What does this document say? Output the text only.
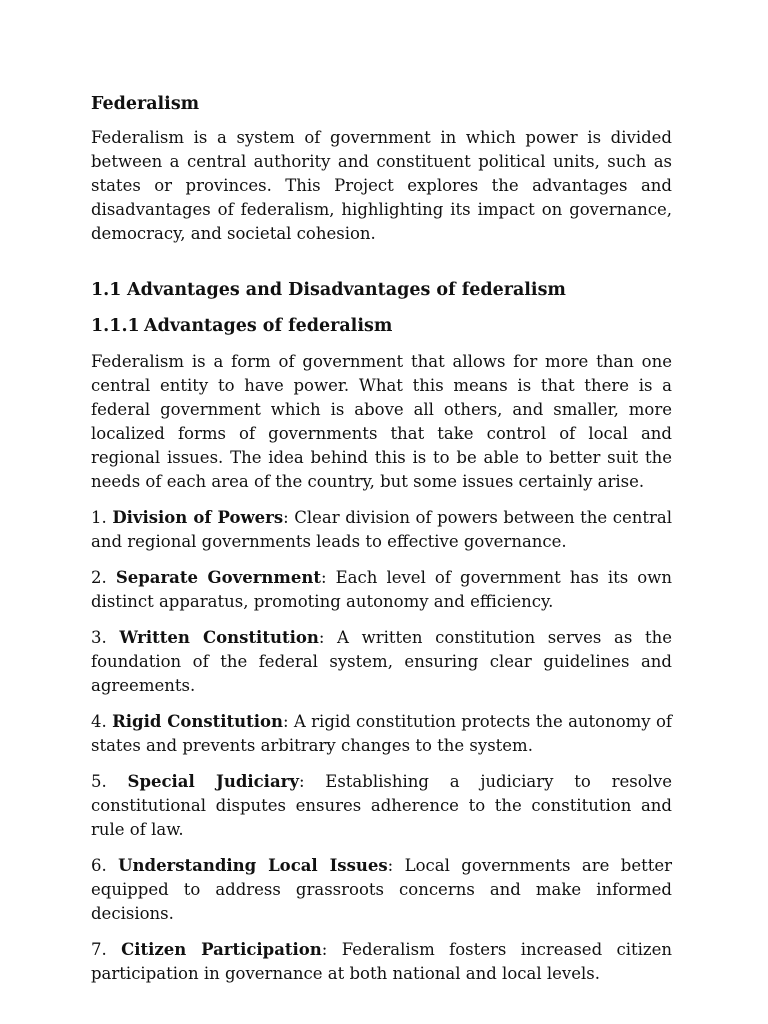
Federalism

Federalism is a system of government in which power is divided between a central authority and constituent political units, such as states or provinces. This Project explores the advantages and disadvantages of federalism, highlighting its impact on governance, democracy, and societal cohesion.

1.1 Advantages and Disadvantages of federalism
1.1.1 Advantages of federalism

Federalism is a form of government that allows for more than one central entity to have power. What this means is that there is a federal government which is above all others, and smaller, more localized forms of governments that take control of local and regional issues. The idea behind this is to be able to better suit the needs of each area of the country, but some issues certainly arise.

1. Division of Powers: Clear division of powers between the central and regional governments leads to effective governance.

2. Separate Government: Each level of government has its own distinct apparatus, promoting autonomy and efficiency.

3. Written Constitution: A written constitution serves as the foundation of the federal system, ensuring clear guidelines and agreements.

4. Rigid Constitution: A rigid constitution protects the autonomy of states and prevents arbitrary changes to the system.

5. Special Judiciary: Establishing a judiciary to resolve constitutional disputes ensures adherence to the constitution and rule of law.

6. Understanding Local Issues: Local governments are better equipped to address grassroots concerns and make informed decisions.

7. Citizen Participation: Federalism fosters increased citizen participation in governance at both national and local levels.
